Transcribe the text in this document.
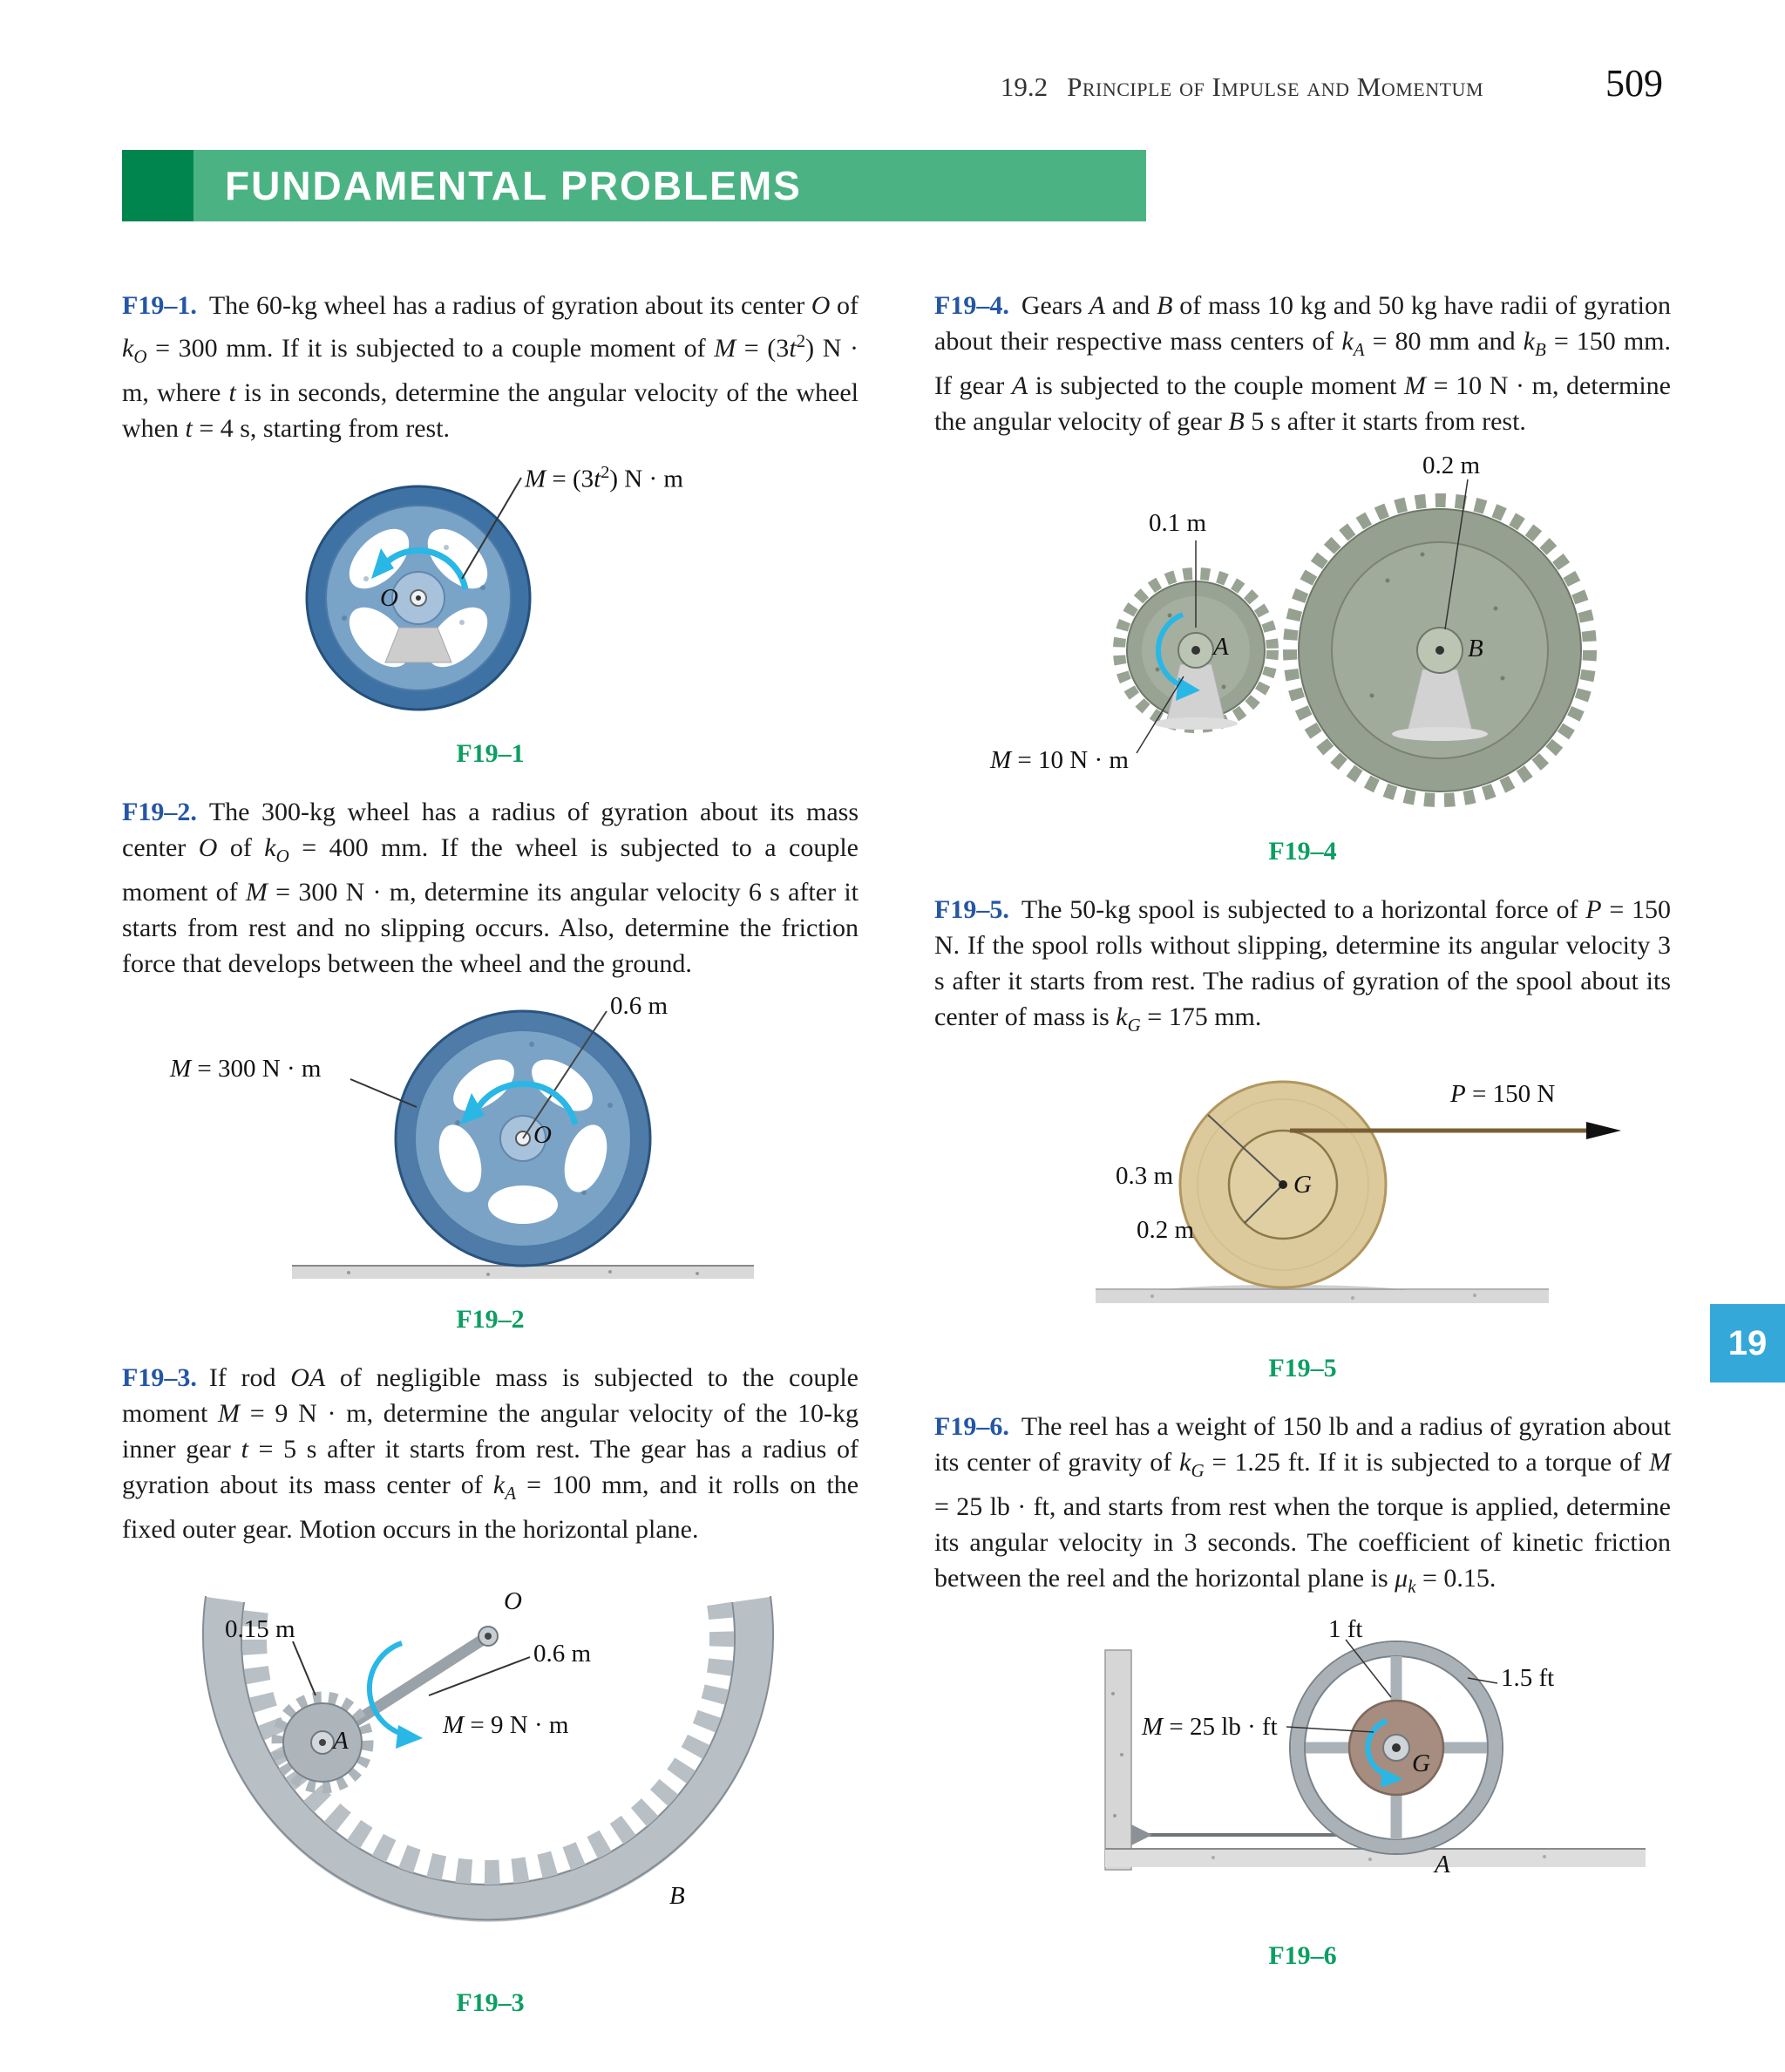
19.2 Principle of Impulse and Momentum	509
FUNDAMENTAL PROBLEMS
19

F19–1. The 60-kg wheel has a radius of gyration about its center O of $k_O = 300$ mm. If it is subjected to a couple moment of $M = (3t^2) N \cdot m$, where t is in seconds, determine the angular velocity of the wheel when t = 4 s, starting from rest.

$M = (3t^2) N \cdot m$
O
F19–1

F19–2. The 300-kg wheel has a radius of gyration about its mass center O of $k_O = 400$ mm. If the wheel is subjected to a couple moment of M = 300 N · m, determine its angular velocity 6 s after it starts from rest and no slipping occurs. Also, determine the friction force that develops between the wheel and the ground.

0.6 m
M = 300 N · m
O
F19–2

F19–3. If rod OA of negligible mass is subjected to the couple moment M = 9 N · m, determine the angular velocity of the 10-kg inner gear t = 5 s after it starts from rest. The gear has a radius of gyration about its mass center of $k_A = 100$ mm, and it rolls on the fixed outer gear. Motion occurs in the horizontal plane.

0.15 m
O
0.6 m
M = 9 N · m
A
B
F19–3

F19–4. Gears A and B of mass 10 kg and 50 kg have radii of gyration about their respective mass centers of $k_A = 80$ mm and $k_B = 150$ mm. If gear A is subjected to the couple moment M = 10 N · m, determine the angular velocity of gear B 5 s after it starts from rest.

0.2 m
0.1 m
A	B
M = 10 N · m
F19–4

F19–5. The 50-kg spool is subjected to a horizontal force of P = 150 N. If the spool rolls without slipping, determine its angular velocity 3 s after it starts from rest. The radius of gyration of the spool about its center of mass is $k_G = 175$ mm.

P = 150 N
0.3 m	G
0.2 m
F19–5

F19–6. The reel has a weight of 150 lb and a radius of gyration about its center of gravity of $k_G = 1.25$ ft. If it is subjected to a torque of M = 25 lb · ft, and starts from rest when the torque is applied, determine its angular velocity in 3 seconds. The coefficient of kinetic friction between the reel and the horizontal plane is $\mu_k = 0.15$.

1 ft
1.5 ft
M = 25 lb · ft
G
A
F19–6
